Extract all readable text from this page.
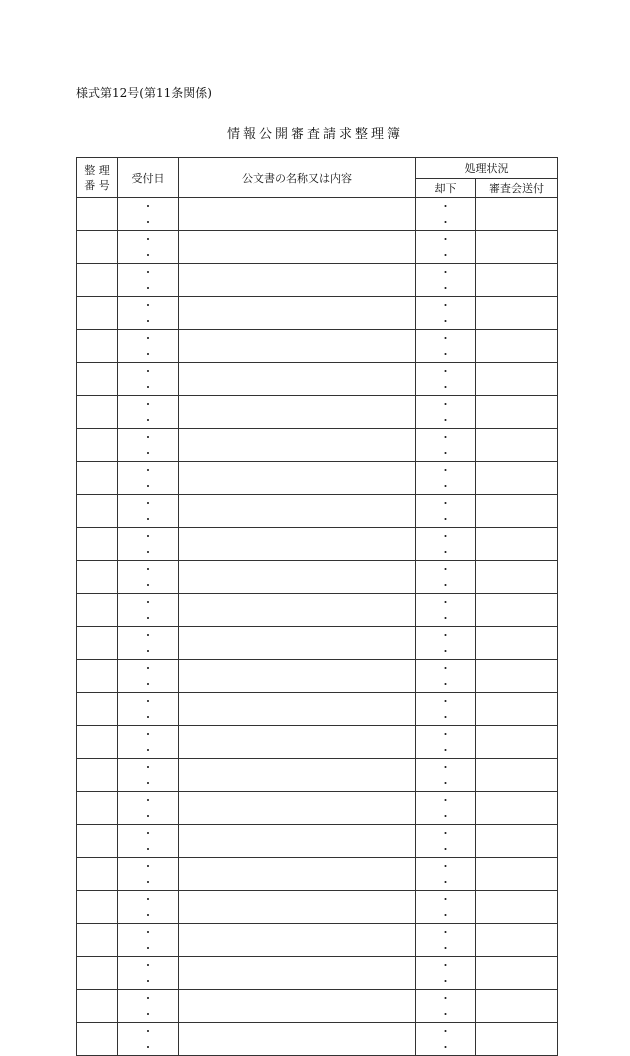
様式第12号(第11条関係)
情報公開審査請求整理簿
整 理
番 号	受付日	公文書の名称又は内容	処理状況	
			却下	審査会送付
	・ ・		・ ・	
	・ ・		・ ・	
	・ ・		・ ・	
	・ ・		・ ・	
	・ ・		・ ・	
	・ ・		・ ・	
	・ ・		・ ・	
	・ ・		・ ・	
	・ ・		・ ・	
	・ ・		・ ・	
	・ ・		・ ・	
	・ ・		・ ・	
	・ ・		・ ・	
	・ ・		・ ・	
	・ ・		・ ・	
	・ ・		・ ・	
	・ ・		・ ・	
	・ ・		・ ・	
	・ ・		・ ・	
	・ ・		・ ・	
	・ ・		・ ・	
	・ ・		・ ・	
	・ ・		・ ・	
	・ ・		・ ・	
	・ ・		・ ・	
	・ ・		・ ・	
